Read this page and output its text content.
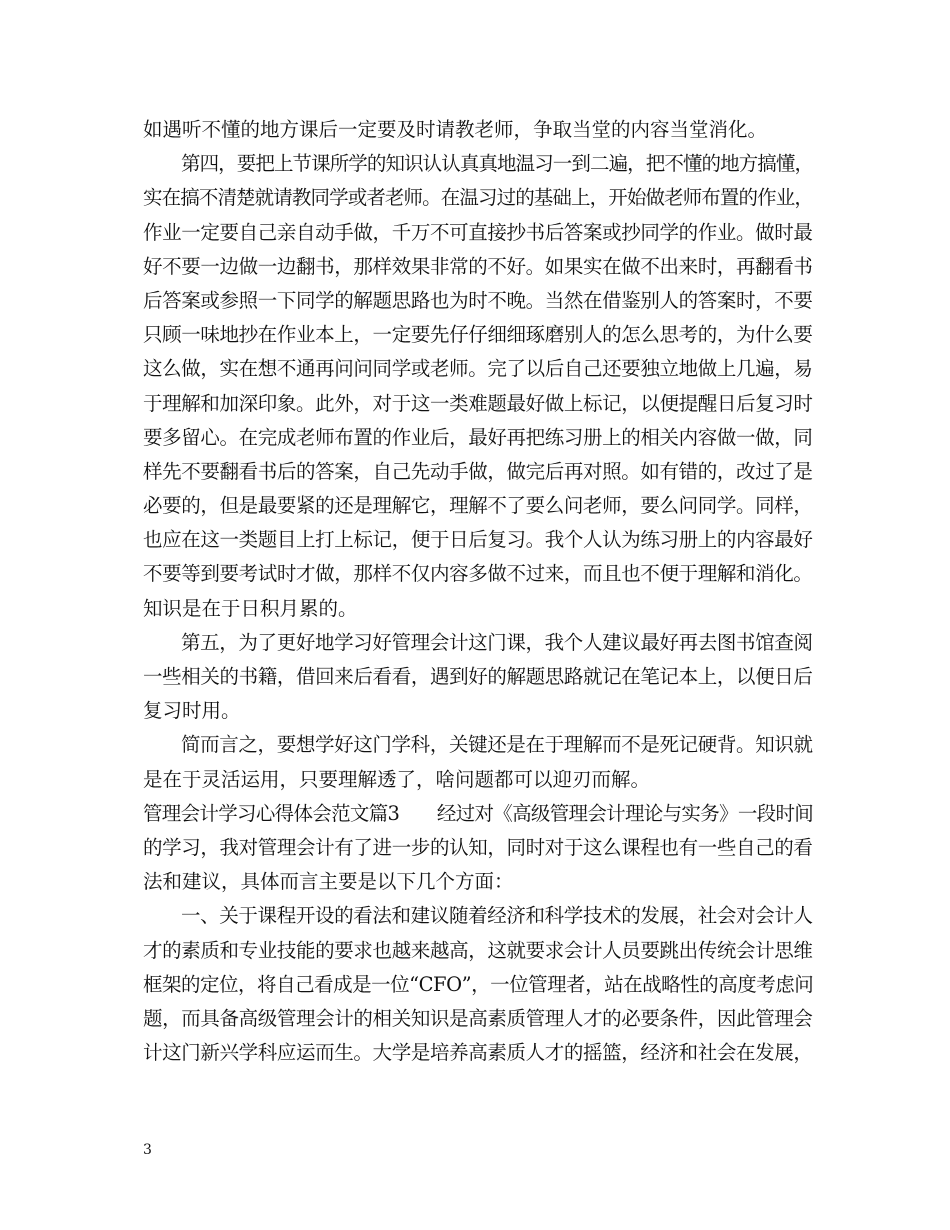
如遇听不懂的地方课后一定要及时请教老师，争取当堂的内容当堂消化。
第四，要把上节课所学的知识认认真真地温习一到二遍，把不懂的地方搞懂，
实在搞不清楚就请教同学或者老师。在温习过的基础上，开始做老师布置的作业，
作业一定要自己亲自动手做，千万不可直接抄书后答案或抄同学的作业。做时最
好不要一边做一边翻书，那样效果非常的不好。如果实在做不出来时，再翻看书
后答案或参照一下同学的解题思路也为时不晚。当然在借鉴别人的答案时，不要
只顾一味地抄在作业本上，一定要先仔仔细细琢磨别人的怎么思考的，为什么要
这么做，实在想不通再问问同学或老师。完了以后自己还要独立地做上几遍，易
于理解和加深印象。此外，对于这一类难题最好做上标记，以便提醒日后复习时
要多留心。在完成老师布置的作业后，最好再把练习册上的相关内容做一做，同
样先不要翻看书后的答案，自己先动手做，做完后再对照。如有错的，改过了是
必要的，但是最要紧的还是理解它，理解不了要么问老师，要么问同学。同样，
也应在这一类题目上打上标记，便于日后复习。我个人认为练习册上的内容最好
不要等到要考试时才做，那样不仅内容多做不过来，而且也不便于理解和消化。
知识是在于日积月累的。
第五，为了更好地学习好管理会计这门课，我个人建议最好再去图书馆查阅
一些相关的书籍，借回来后看看，遇到好的解题思路就记在笔记本上，以便日后
复习时用。
简而言之，要想学好这门学科，关键还是在于理解而不是死记硬背。知识就
是在于灵活运用，只要理解透了，啥问题都可以迎刃而解。
管理会计学习心得体会范文篇3　　经过对《高级管理会计理论与实务》一段时间
的学习，我对管理会计有了进一步的认知，同时对于这么课程也有一些自己的看
法和建议，具体而言主要是以下几个方面：
一、关于课程开设的看法和建议随着经济和科学技术的发展，社会对会计人
才的素质和专业技能的要求也越来越高，这就要求会计人员要跳出传统会计思维
框架的定位，将自己看成是一位“CFO”，一位管理者，站在战略性的高度考虑问
题，而具备高级管理会计的相关知识是高素质管理人才的必要条件，因此管理会
计这门新兴学科应运而生。大学是培养高素质人才的摇篮，经济和社会在发展，
3
